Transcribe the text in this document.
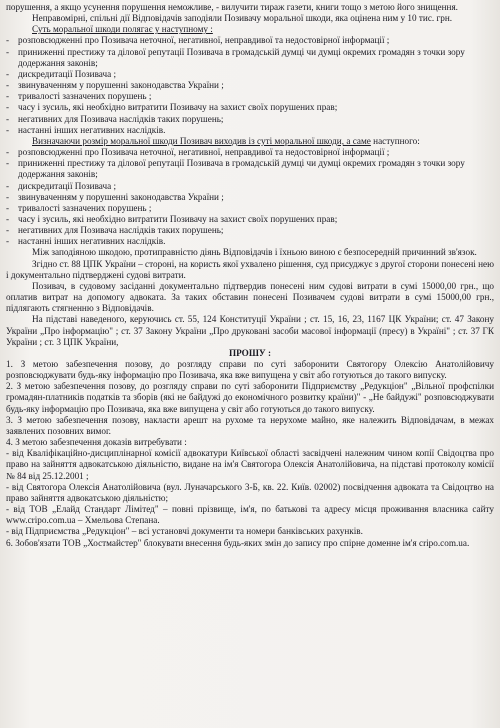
порушення, а якщо усунення порушення неможливе, - вилучити тираж газети, книги тощо з метою його знищення.

Неправомірні, спільні дії Відповідачів заподіяли Позивачу моральної шкоди, яка оцінена ним у 10 тис. грн.

Суть моральної шкоди полягає у наступному :

- розповсюдженні про Позивача неточної, негативної, неправдивої та недостовірної інформації ;
- приниженні престижу та ділової репутації Позивача в громадській думці чи думці окремих громадян з точки зору додержання законів;
- дискредитації Позивача ;
- звинуваченням у порушенні законодавства України ;
- тривалості зазначених порушень ;
- часу і зусиль, які необхідно витратити Позивачу на захист своїх порушених прав;
- негативних для Позивача наслідків таких порушень;
- настанні інших негативних наслідків.

Визначаючи розмір моральної шкоди Позивач виходив із суті моральної шкоди, а саме наступного:

- розповсюдженні про Позивача неточної, негативної, неправдивої та недостовірної інформації ;
- приниженні престижу та ділової репутації Позивача в громадській думці чи думці окремих громадян з точки зору додержання законів;
- дискредитації Позивача ;
- звинуваченням у порушенні законодавства України ;
- тривалості зазначених порушень ;
- часу і зусиль, які необхідно витратити Позивачу на захист своїх порушених прав;
- негативних для Позивача наслідків таких порушень;
- настанні інших негативних наслідків.

Між заподіяною шкодою, протиправністю діянь Відповідачів і їхньою виною є безпосередній причинний зв'язок.

Згідно ст. 88 ЦПК України – стороні, на користь якої ухвалено рішення, суд присуджує з другої сторони понесені нею і документально підтверджені судові витрати.

Позивач, в судовому засіданні документально підтвердив понесені ним судові витрати в сумі 15000,00 грн., що оплатив витрат на допомогу адвоката. За таких обставин понесені Позивачем судові витрати в сумі 15000,00 грн., підлягають стягненню з Відповідачів.

На підставі наведеного, керуючись ст. 55, 124 Конституції України ; ст. 15, 16, 23, 1167 ЦК України; ст. 47 Закону України „Про інформацію" ; ст. 37 Закону України „Про друковані засоби масової інформації (пресу) в Україні" ; ст. 37 ГК України ; ст. 3 ЦПК України,

ПРОШУ :

1. З метою забезпечення позову, до розгляду справи по суті заборонити Святогору Олексію Анатолійовичу розповсюджувати будь-яку інформацію про Позивача, яка вже випущена у світ або готуються до такого випуску.

2. З метою забезпечення позову, до розгляду справи по суті заборонити Підприємству „Редукціон" „Вільної профспілки громадян-платників податків та зборів (які не байдужі до економічного розвитку країни)" - „Не байдужі" розповсюджувати будь-яку інформацію про Позивача, яка вже випущена у світ або готуються до такого випуску.

3. З метою забезпечення позову, накласти арешт на рухоме та нерухоме майно, яке належить Відповідачам, в межах заявлених позовних вимог.

4. З метою забезпечення доказів витребувати :

- від Кваліфікаційно-дисциплінарної комісії адвокатури Київської області засвідчені належним чином копії Свідоцтва про право на зайняття адвокатською діяльністю, видане на ім'я Святогора Олексія Анатолійовича, на підставі протоколу комісії № 84 від 25.12.2001 ;

- від Святогора Олексія Анатолійовича (вул. Луначарського 3-Б, кв. 22. Київ. 02002) посвідчення адвоката та Свідоцтво на право зайняття адвокатською діяльністю;

- від ТОВ „Елайд Стандарт Лімітед" – повні прізвище, ім'я, по батькові та адресу місця проживання власника сайту www.cripo.com.ua – Хмельова Степана.

- від Підприємства „Редукціон" – всі установчі документи та номери банківських рахунків.

6. Зобов'язати ТОВ „Хостмайстер" блокувати внесення будь-яких змін до запису про спірне доменне ім'я cripo.com.ua.
